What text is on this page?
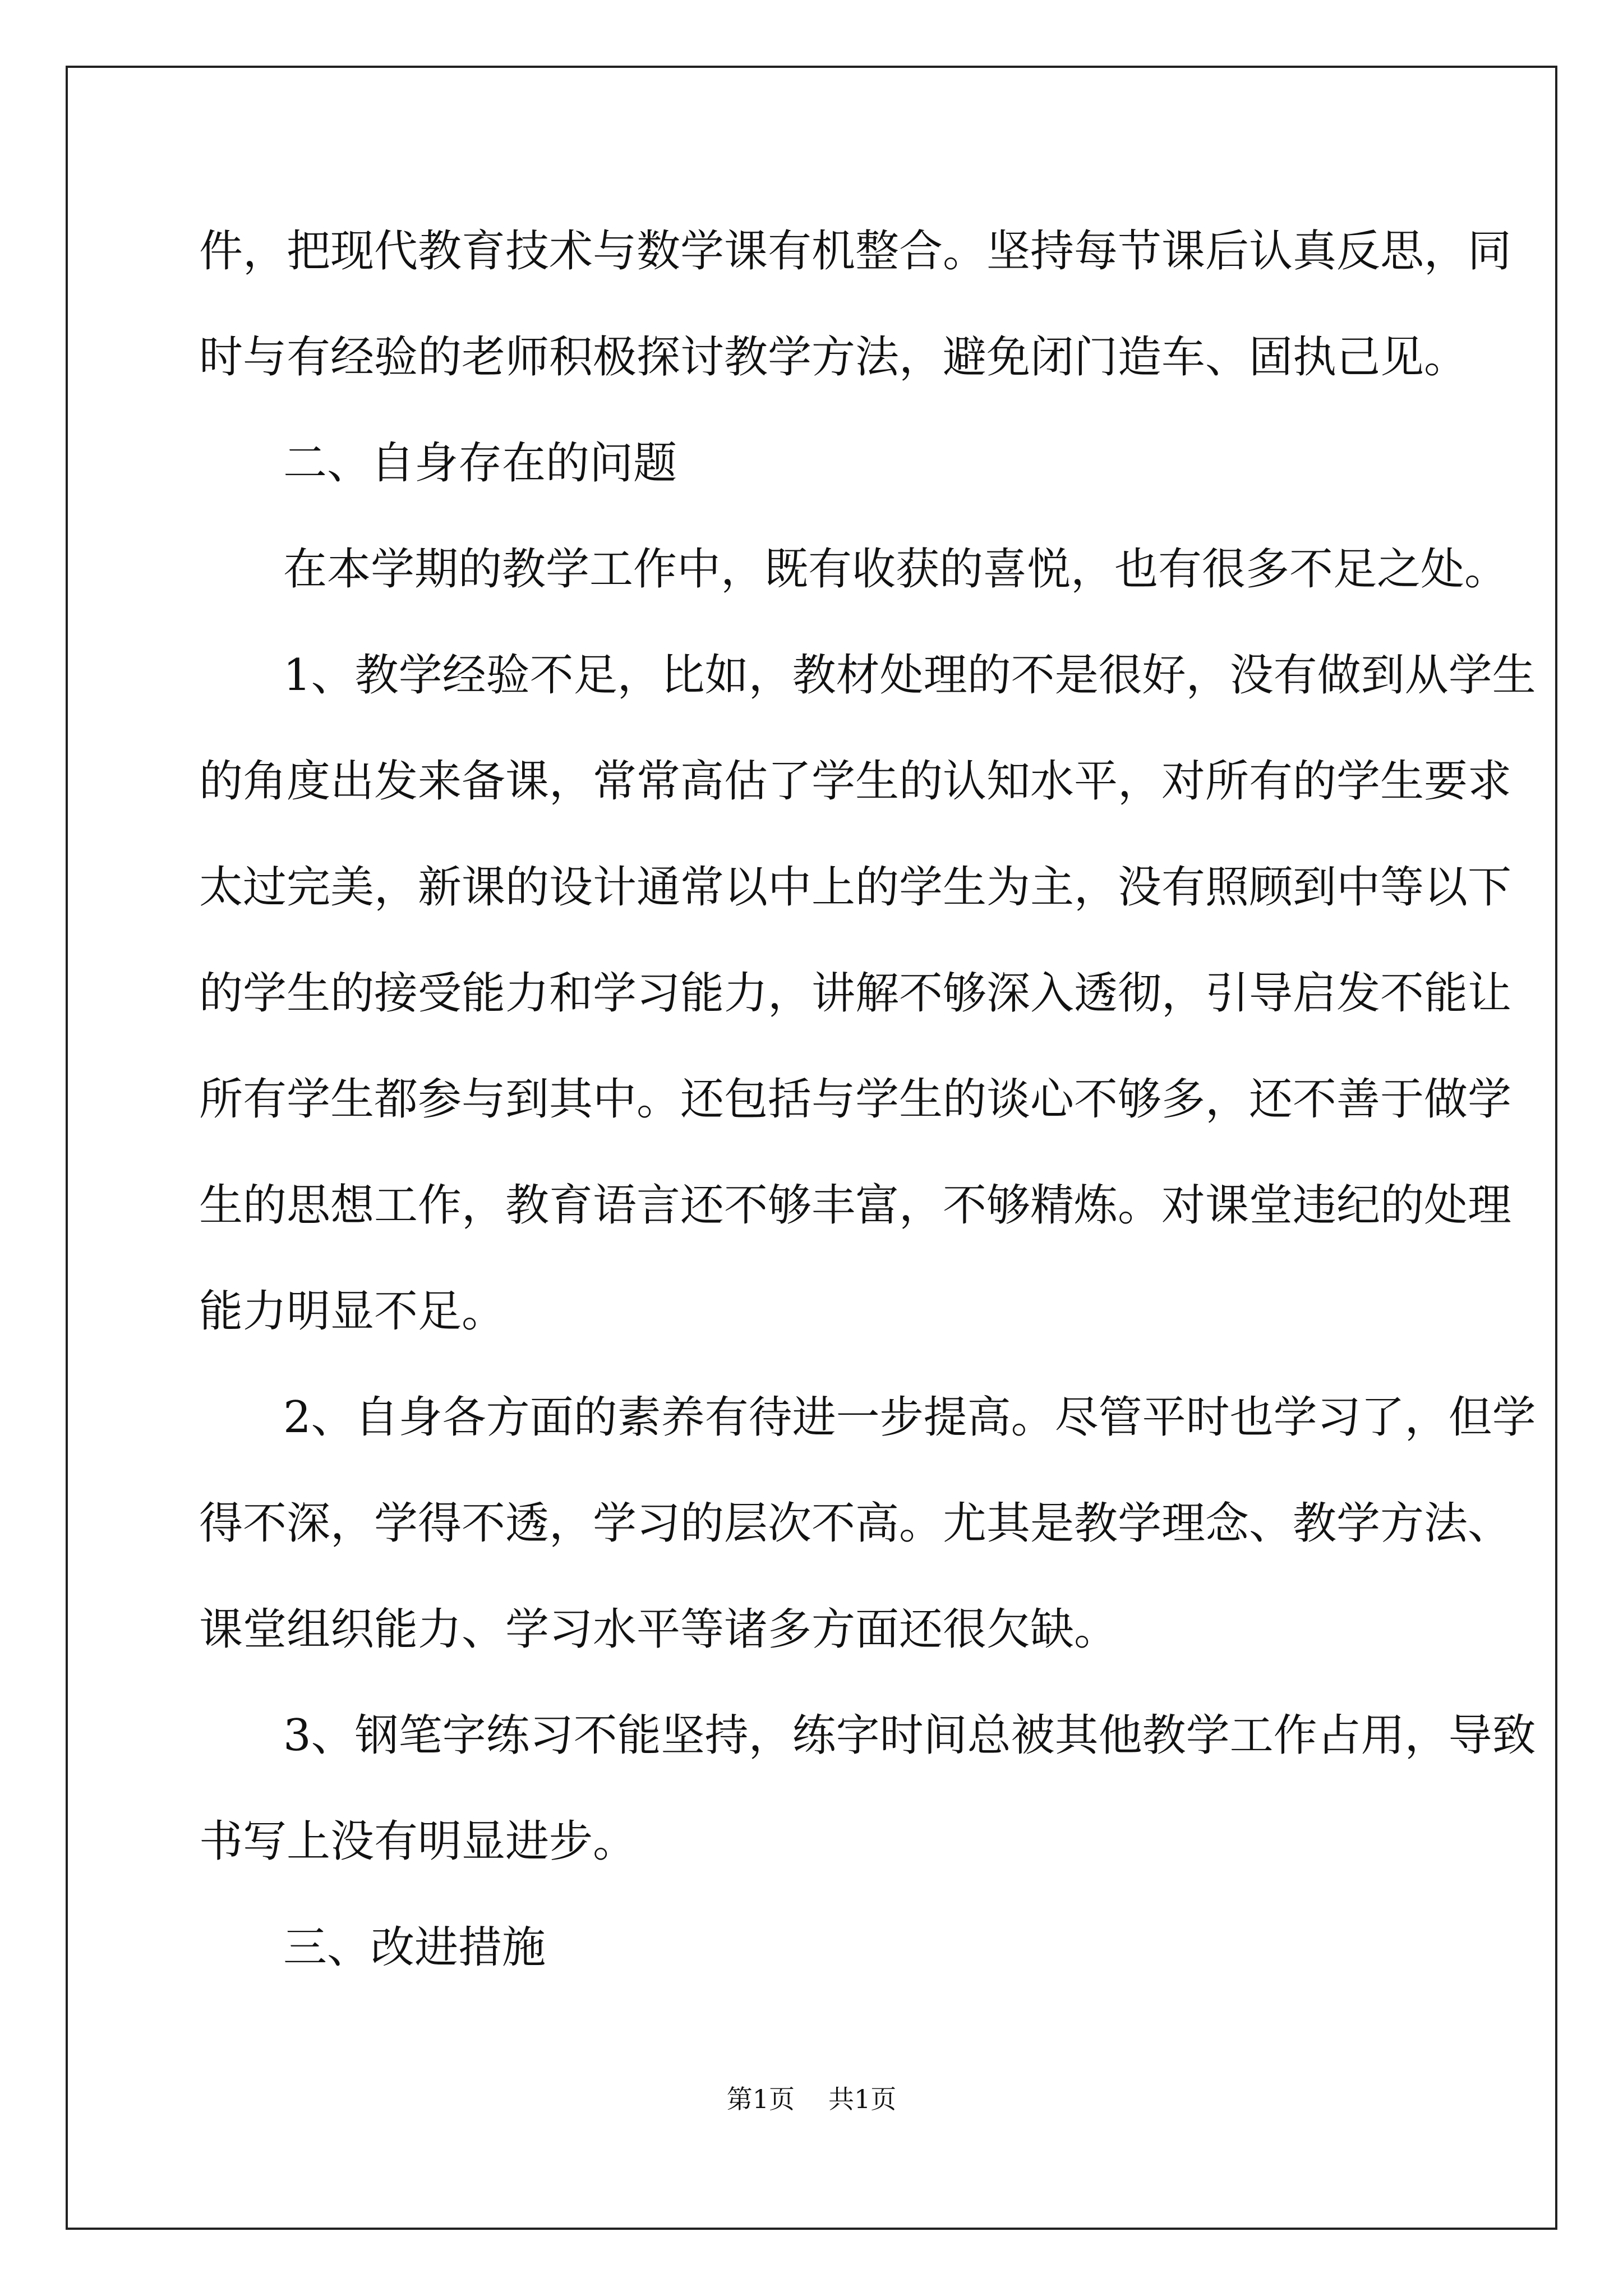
件，把现代教育技术与数学课有机整合。坚持每节课后认真反思，同
时与有经验的老师积极探讨教学方法，避免闭门造车、固执己见。
二、自身存在的问题
在本学期的教学工作中，既有收获的喜悦，也有很多不足之处。
1、教学经验不足，比如，教材处理的不是很好，没有做到从学生
的角度出发来备课，常常高估了学生的认知水平，对所有的学生要求
太过完美，新课的设计通常以中上的学生为主，没有照顾到中等以下
的学生的接受能力和学习能力，讲解不够深入透彻，引导启发不能让
所有学生都参与到其中。还包括与学生的谈心不够多，还不善于做学
生的思想工作，教育语言还不够丰富，不够精炼。对课堂违纪的处理
能力明显不足。
2、自身各方面的素养有待进一步提高。尽管平时也学习了，但学
得不深，学得不透，学习的层次不高。尤其是教学理念、教学方法、
课堂组织能力、学习水平等诸多方面还很欠缺。
3、钢笔字练习不能坚持，练字时间总被其他教学工作占用，导致
书写上没有明显进步。
三、改进措施
第1页 共1页
